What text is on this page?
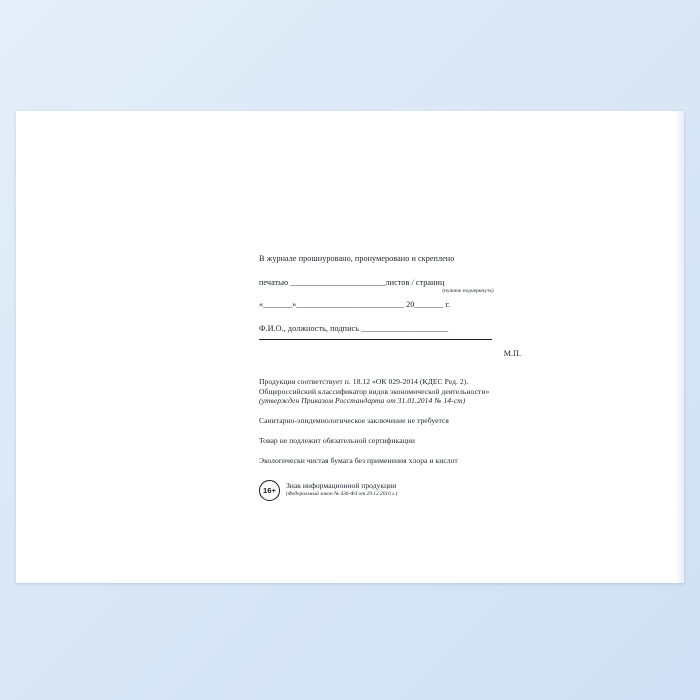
В журнале прошнуровано, пронумеровано и скреплено
печатью _______________________листов / страниц
(нужное подчеркнуть)
«_______»__________________________ 20_______ г.
Ф.И.О., должность, подпись _____________________
М.П.
Продукция соответствует п. 18.12 «ОК 029-2014 (КДЕС Ред. 2).
Общероссийский классификатор видов экономической деятельности»
(утвержден Приказом Росстандарта от 31.01.2014 № 14-ст)
Санитарно-эпидемиологическое заключение не требуется
Товар не подлежит обязательной сертификации
Экологически чистая бумага без применения хлора и кислот
16+
Знак информационной продукции
(Федеральный закон № 436-ФЗ от 29.12.2010 г.)
